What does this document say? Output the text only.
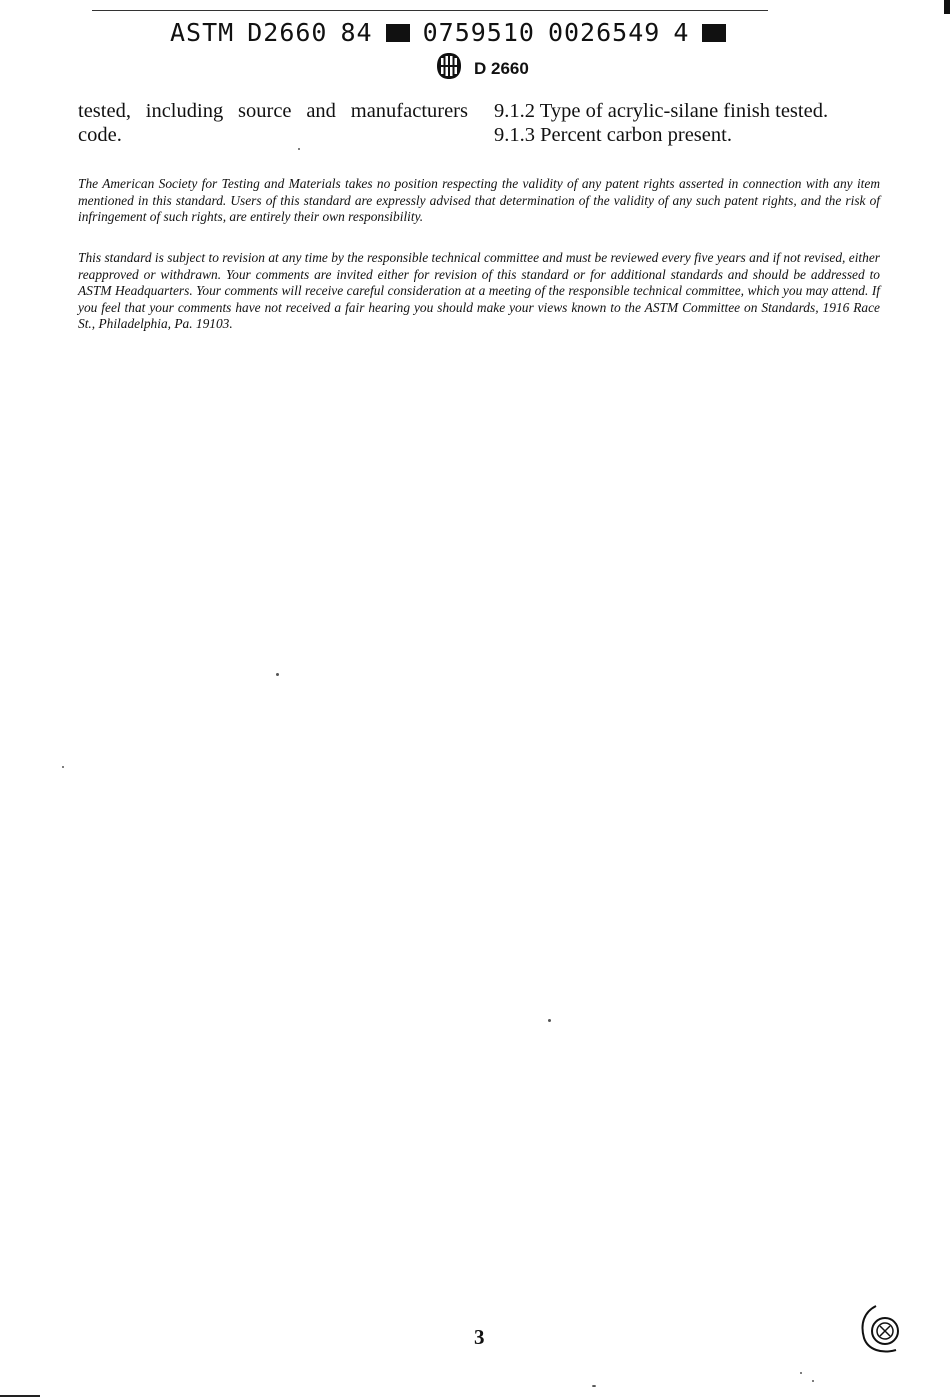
ASTM D2660 84 0759510 0026549 4
D 2660

tested, including source and manufacturers code.

9.1.2 Type of acrylic-silane finish tested.

9.1.3 Percent carbon present.

The American Society for Testing and Materials takes no position respecting the validity of any patent rights asserted in connection with any item mentioned in this standard. Users of this standard are expressly advised that determination of the validity of any such patent rights, and the risk of infringement of such rights, are entirely their own responsibility.

This standard is subject to revision at any time by the responsible technical committee and must be reviewed every five years and if not revised, either reapproved or withdrawn. Your comments are invited either for revision of this standard or for additional standards and should be addressed to ASTM Headquarters. Your comments will receive careful consideration at a meeting of the responsible technical committee, which you may attend. If you feel that your comments have not received a fair hearing you should make your views known to the ASTM Committee on Standards, 1916 Race St., Philadelphia, Pa. 19103.

3
